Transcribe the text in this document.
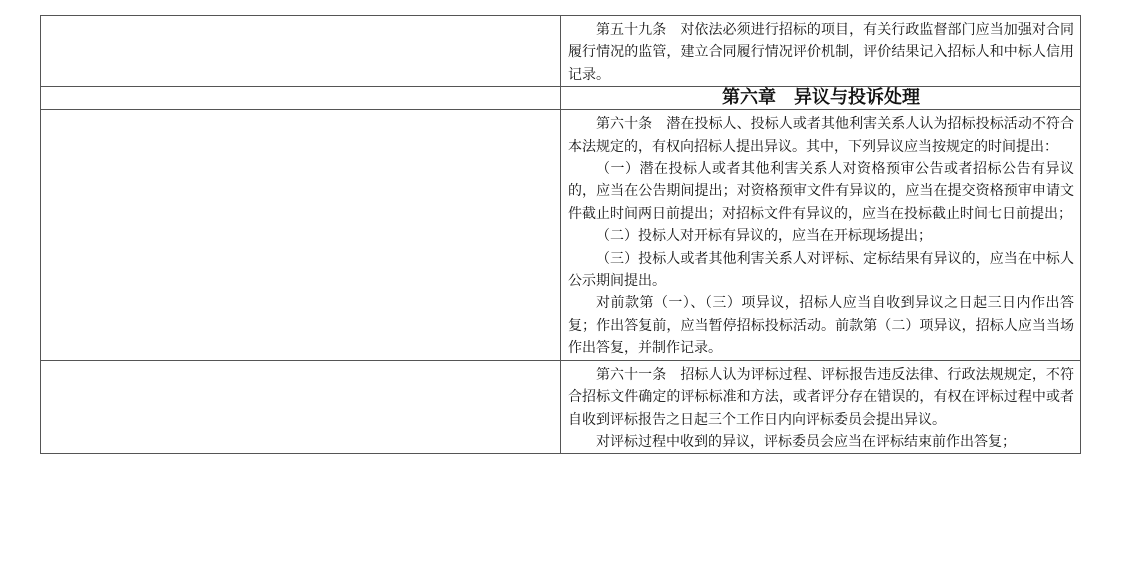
	第五十九条　对依法必须进行招标的项目，有关行政监督部门应当加强对合同履行情况的监管，建立合同履行情况评价机制，评价结果记入招标人和中标人信用记录。

	第六章　异议与投诉处理

	第六十条　潜在投标人、投标人或者其他利害关系人认为招标投标活动不符合本法规定的，有权向招标人提出异议。其中，下列异议应当按规定的时间提出：

（一）潜在投标人或者其他利害关系人对资格预审公告或者招标公告有异议的，应当在公告期间提出；对资格预审文件有异议的，应当在提交资格预审申请文件截止时间两日前提出；对招标文件有异议的，应当在投标截止时间七日前提出；

（二）投标人对开标有异议的，应当在开标现场提出；

（三）投标人或者其他利害关系人对评标、定标结果有异议的，应当在中标人公示期间提出。

对前款第（一）、（三）项异议，招标人应当自收到异议之日起三日内作出答复；作出答复前，应当暂停招标投标活动。前款第（二）项异议，招标人应当当场作出答复，并制作记录。

	第六十一条　招标人认为评标过程、评标报告违反法律、行政法规规定，不符合招标文件确定的评标标准和方法，或者评分存在错误的，有权在评标过程中或者自收到评标报告之日起三个工作日内向评标委员会提出异议。

对评标过程中收到的异议，评标委员会应当在评标结束前作出答复；
